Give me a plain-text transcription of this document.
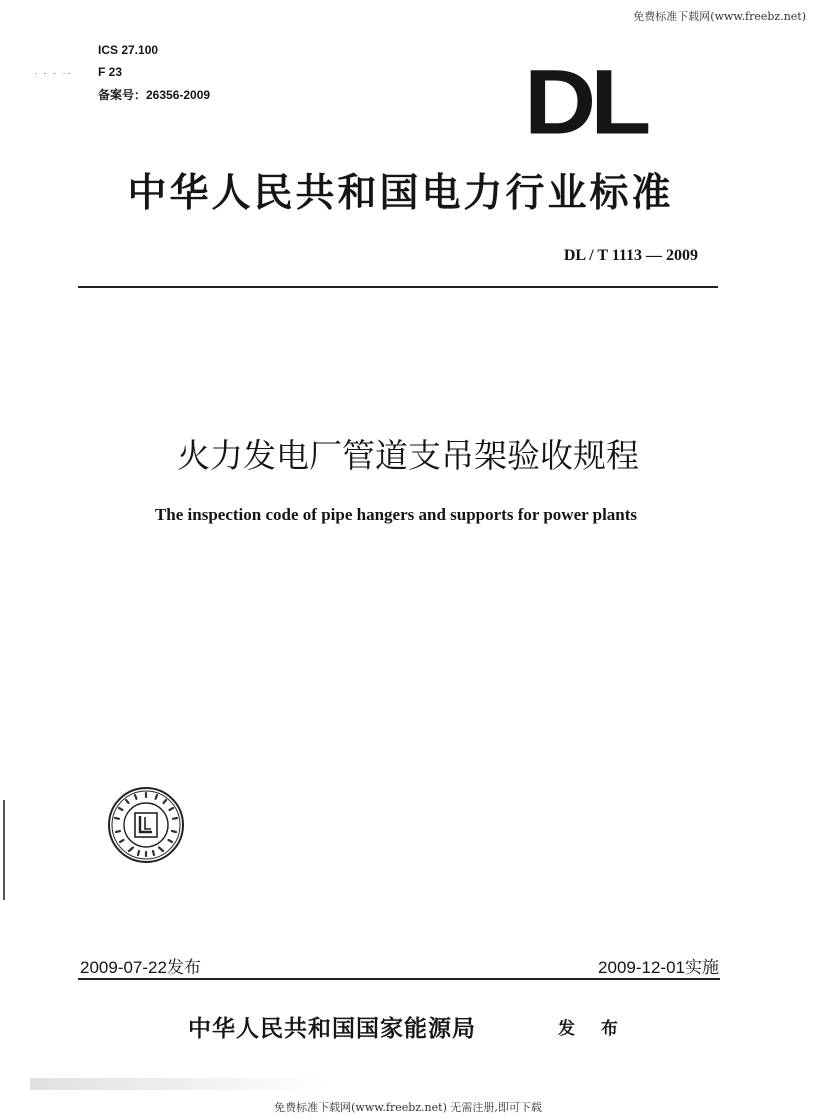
免费标准下载网(www.freebz.net)
· - - ·-
ICS 27.100
F 23
备案号：26356-2009	DL
中华人民共和国电力行业标准
DL / T 1113 — 2009
火力发电厂管道支吊架验收规程
The inspection code of pipe hangers and supports for power plants
2009-07-22发布	2009-12-01实施
中华人民共和国国家能源局	发 布
免费标准下载网(www.freebz.net) 无需注册,即可下载
